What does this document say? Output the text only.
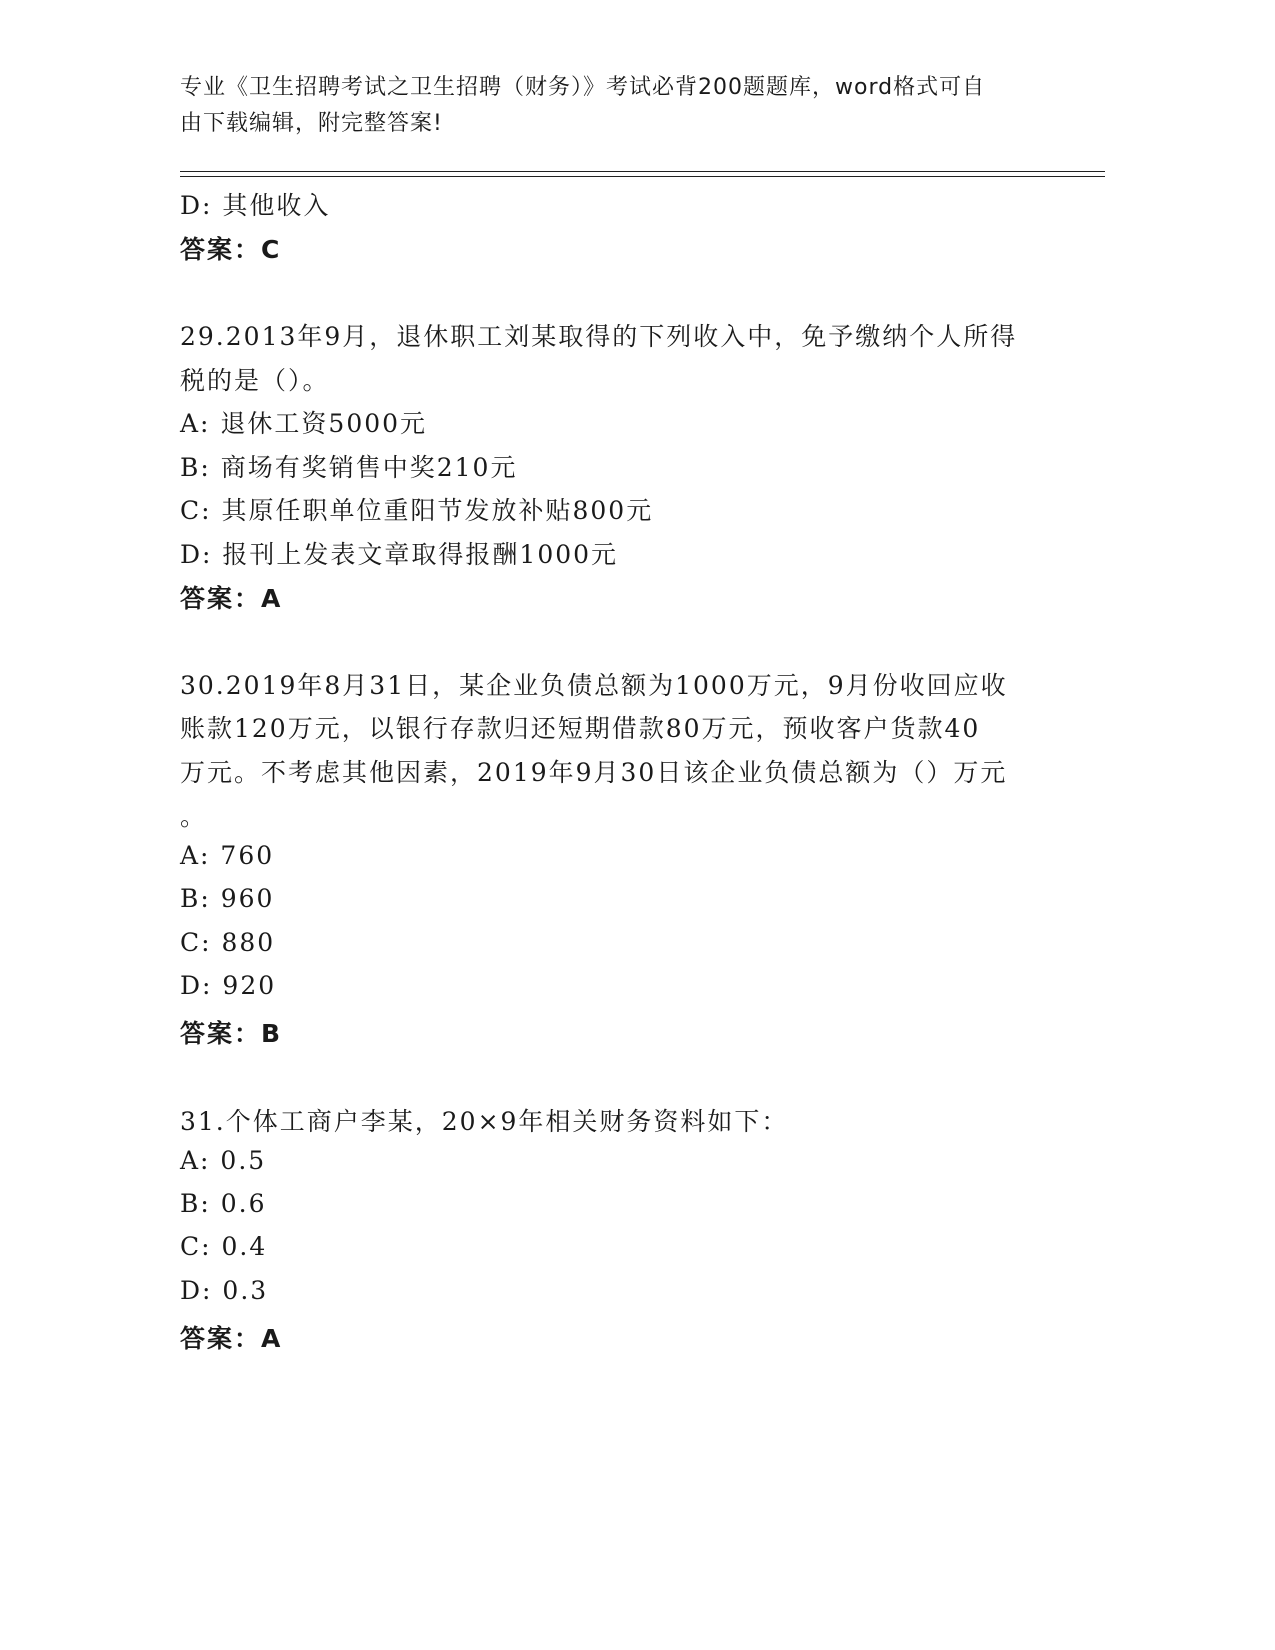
专业《卫生招聘考试之卫生招聘（财务）》考试必背200题题库，word格式可自
由下载编辑，附完整答案!
D: 其他收入
答案：C
29.2013年9月，退休职工刘某取得的下列收入中，免予缴纳个人所得
税的是（）。
A: 退休工资5000元
B: 商场有奖销售中奖210元
C: 其原任职单位重阳节发放补贴800元
D: 报刊上发表文章取得报酬1000元
答案：A
30.2019年8月31日，某企业负债总额为1000万元，9月份收回应收
账款120万元，以银行存款归还短期借款80万元，预收客户货款40
万元。不考虑其他因素，2019年9月30日该企业负债总额为（）万元
。
A: 760
B: 960
C: 880
D: 920
答案：B
31.个体工商户李某，20×9年相关财务资料如下：
A: 0.5
B: 0.6
C: 0.4
D: 0.3
答案：A
